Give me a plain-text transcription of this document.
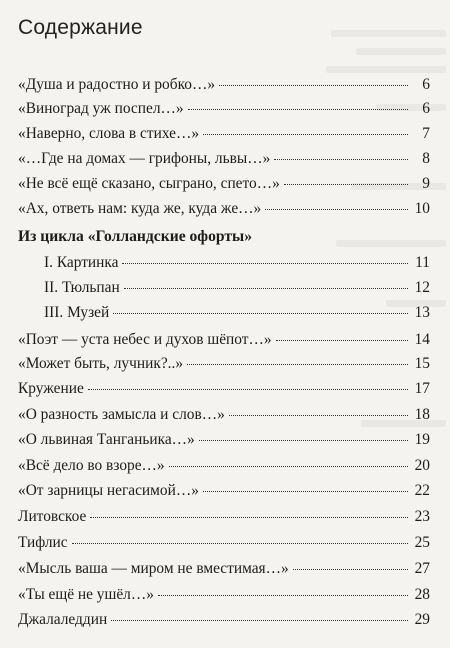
Содержание
«Душа и радостно и робко…»	6
«Виноград уж поспел…»	6
«Наверно, слова в стихе…»	7
«…Где на домах — грифоны, львы…»	8
«Не всё ещё сказано, сыграно, спето…»	9
«Ах, ответь нам: куда же, куда же…»	10
Из цикла «Голландские офорты»
I. Картинка	11
II. Тюльпан	12
III. Музей	13
«Поэт — уста небес и духов шёпот…»	14
«Может быть, лучник?..»	15
Кружение	17
«О разность замысла и слов…»	18
«О львиная Танганьика…»	19
«Всё дело во взоре…»	20
«От зарницы негасимой…»	22
Литовское	23
Тифлис	25
«Мысль ваша — миром не вместимая…»	27
«Ты ещё не ушёл…»	28
Джалаледдин	29
